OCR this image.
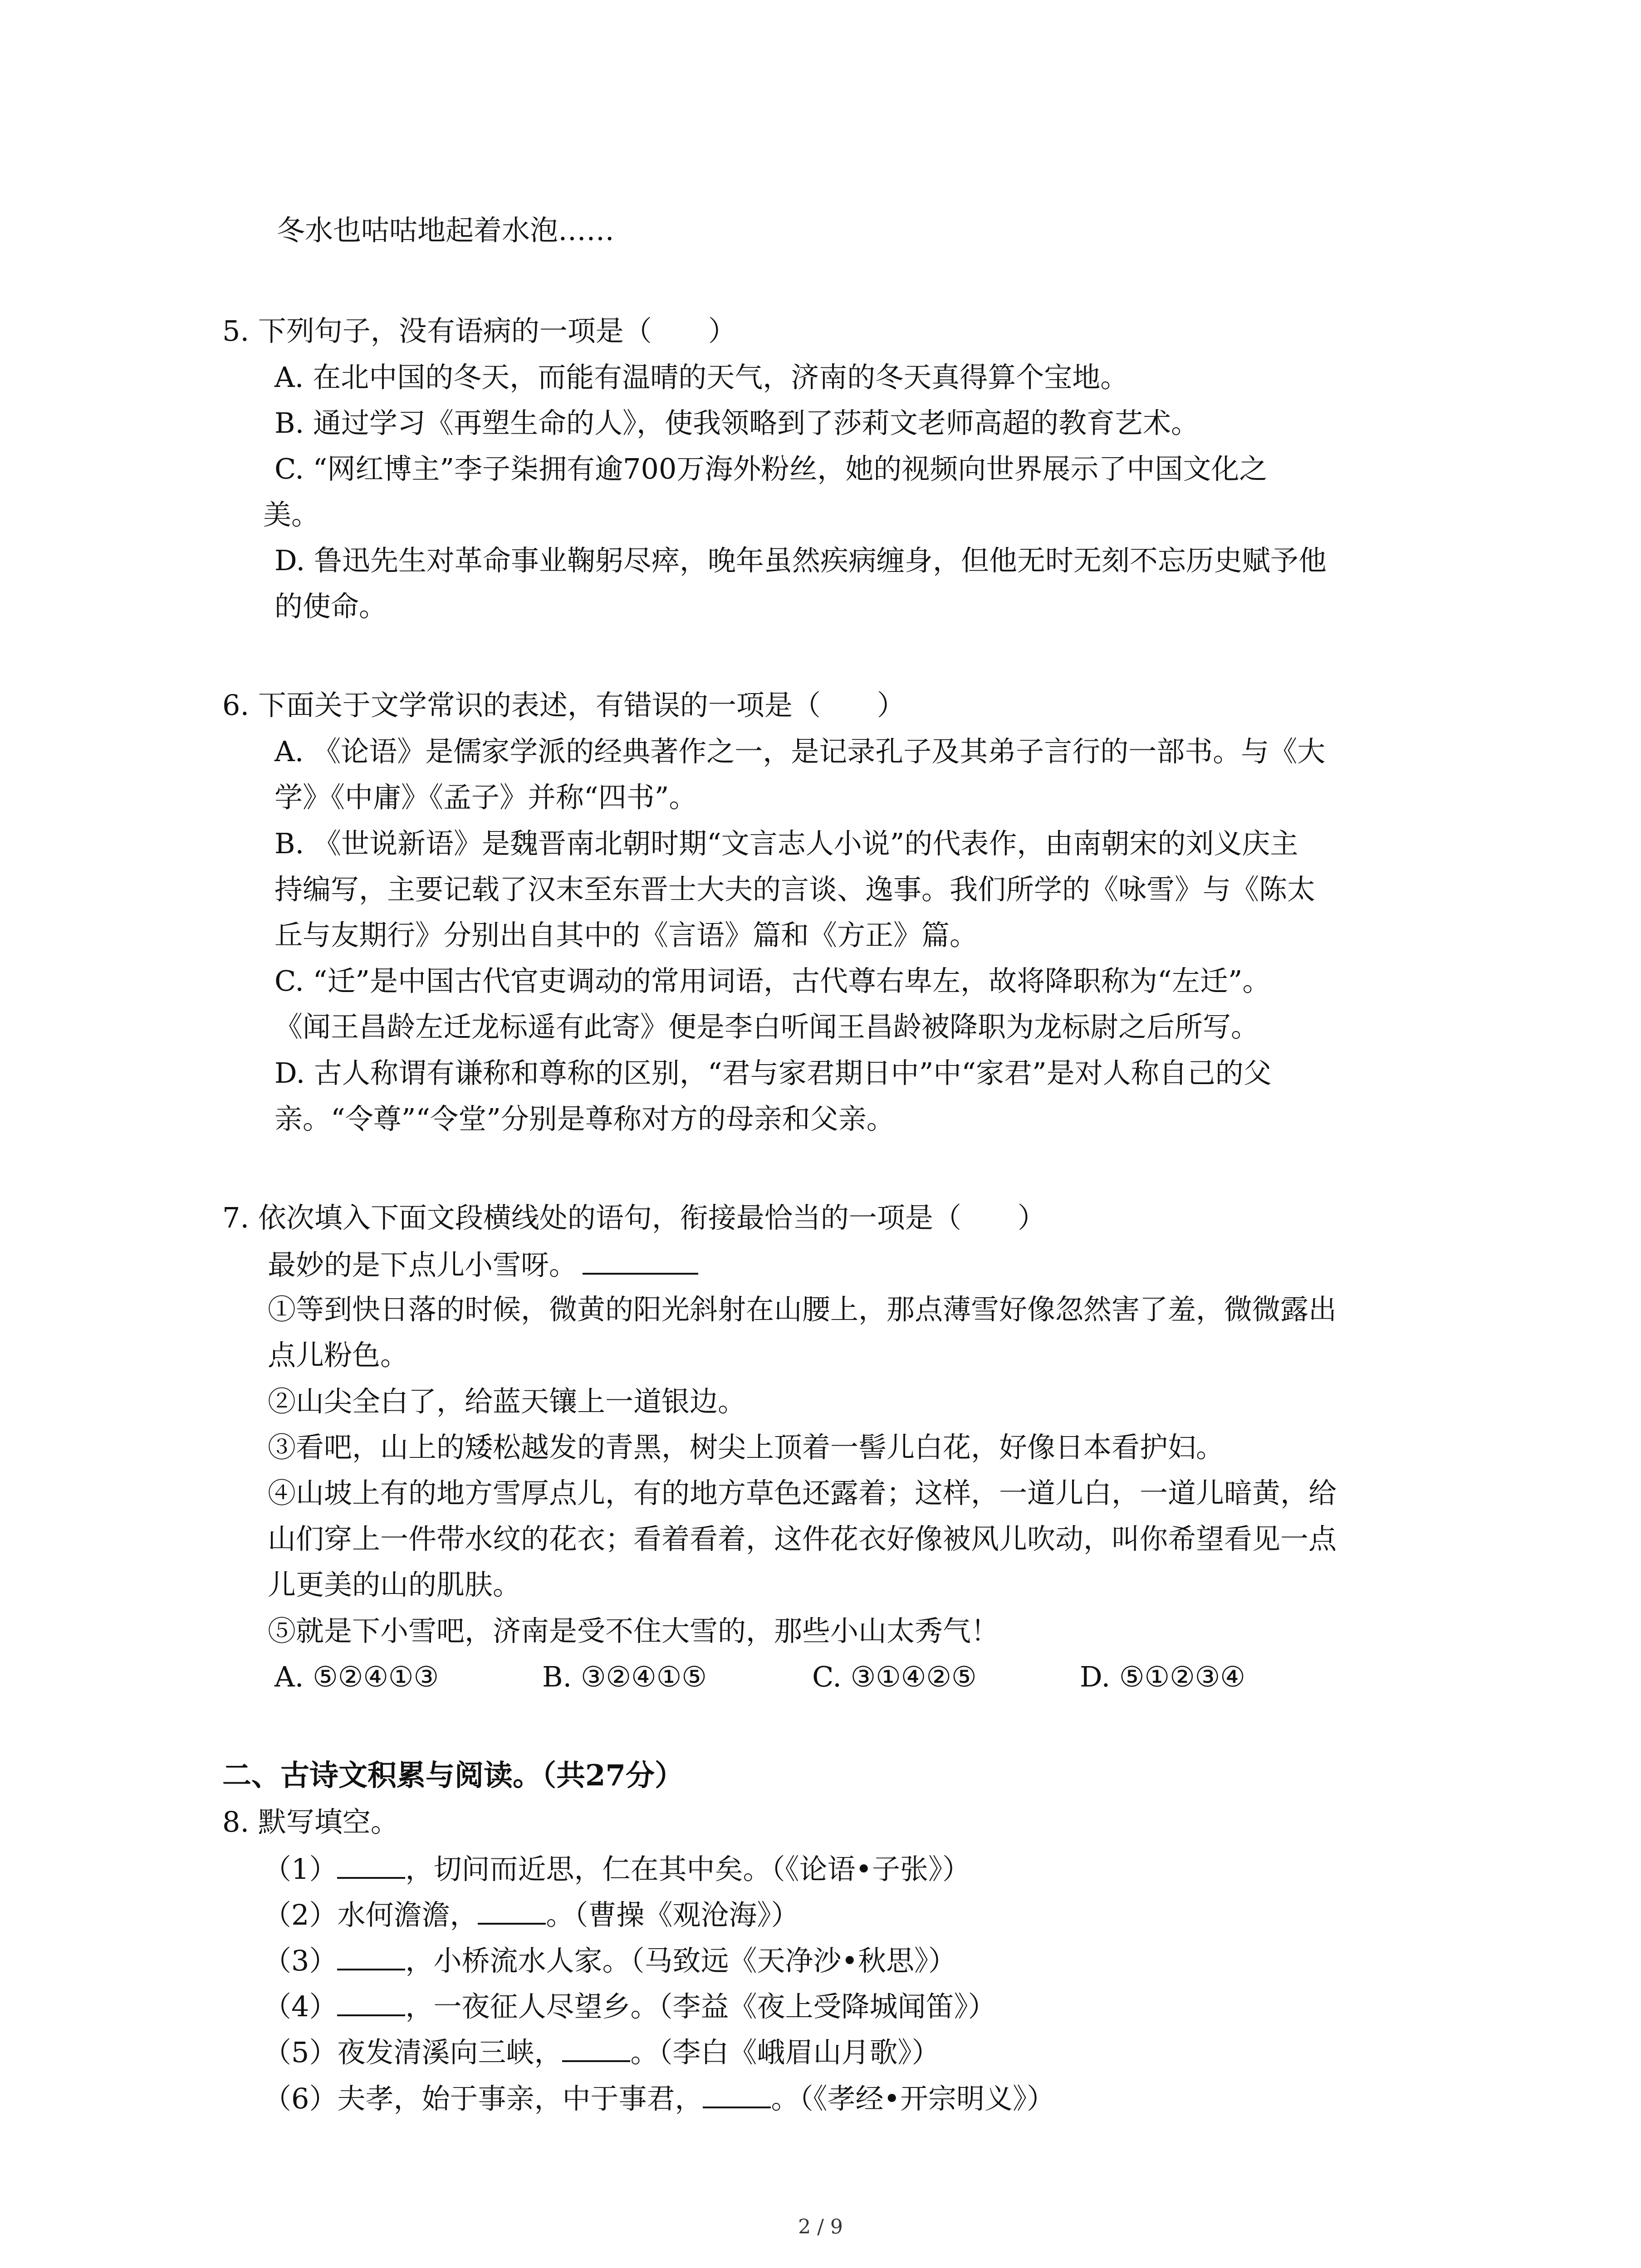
冬水也咕咕地起着水泡……
5. 下列句子，没有语病的一项是（　　）
A. 在北中国的冬天，而能有温晴的天气，济南的冬天真得算个宝地。
B. 通过学习《再塑生命的人》，使我领略到了莎莉文老师高超的教育艺术。
C. “网红博主”李子柒拥有逾700万海外粉丝，她的视频向世界展示了中国文化之
美。
D. 鲁迅先生对革命事业鞠躬尽瘁，晚年虽然疾病缠身，但他无时无刻不忘历史赋予他
的使命。
6. 下面关于文学常识的表述，有错误的一项是（　　）
A. 《论语》是儒家学派的经典著作之一，是记录孔子及其弟子言行的一部书。与《大
学》《中庸》《孟子》并称“四书”。
B. 《世说新语》是魏晋南北朝时期“文言志人小说”的代表作，由南朝宋的刘义庆主
持编写，主要记载了汉末至东晋士大夫的言谈、逸事。我们所学的《咏雪》与《陈太
丘与友期行》分别出自其中的《言语》篇和《方正》篇。
C. “迁”是中国古代官吏调动的常用词语，古代尊右卑左，故将降职称为“左迁”。
《闻王昌龄左迁龙标遥有此寄》便是李白听闻王昌龄被降职为龙标尉之后所写。
D. 古人称谓有谦称和尊称的区别，“君与家君期日中”中“家君”是对人称自己的父
亲。“令尊”“令堂”分别是尊称对方的母亲和父亲。
7. 依次填入下面文段横线处的语句，衔接最恰当的一项是（　　）
最妙的是下点儿小雪呀。
①等到快日落的时候，微黄的阳光斜射在山腰上，那点薄雪好像忽然害了羞，微微露出
点儿粉色。
②山尖全白了，给蓝天镶上一道银边。
③看吧，山上的矮松越发的青黑，树尖上顶着一髻儿白花，好像日本看护妇。
④山坡上有的地方雪厚点儿，有的地方草色还露着；这样，一道儿白，一道儿暗黄，给
山们穿上一件带水纹的花衣；看着看着，这件花衣好像被风儿吹动，叫你希望看见一点
儿更美的山的肌肤。
⑤就是下小雪吧，济南是受不住大雪的，那些小山太秀气！
A. ⑤②④①③	B. ③②④①⑤	C. ③①④②⑤	D. ⑤①②③④
二、古诗文积累与阅读。（共27分）
8. 默写填空。
（1） ，切问而近思，仁在其中矣。（《论语•子张》）
（2）水何澹澹， 。（曹操《观沧海》）
（3） ，小桥流水人家。（马致远《天净沙•秋思》）
（4） ，一夜征人尽望乡。（李益《夜上受降城闻笛》）
（5）夜发清溪向三峡， 。（李白《峨眉山月歌》）
（6）夫孝，始于事亲，中于事君， 。（《孝经•开宗明义》）
2 / 9
